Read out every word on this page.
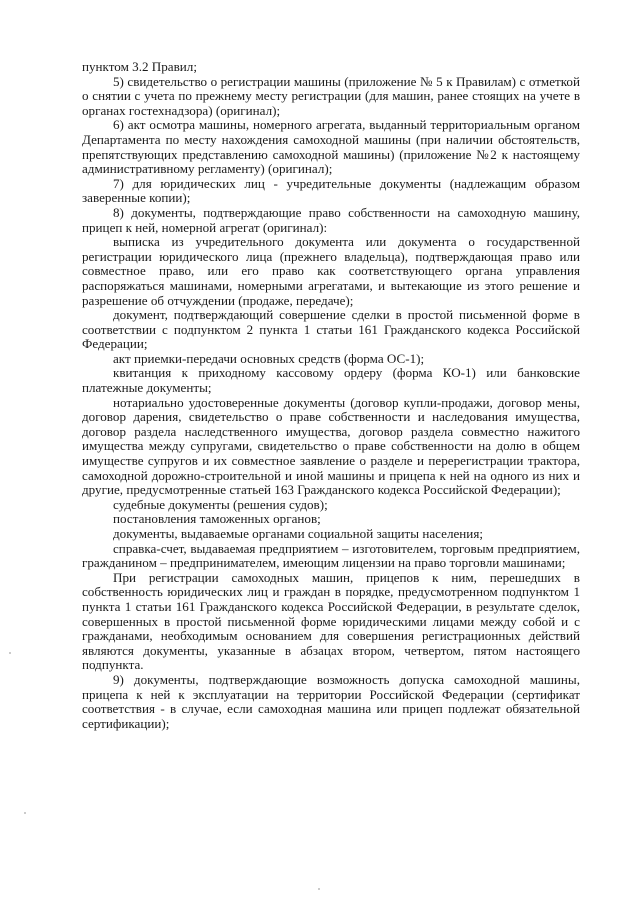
пунктом 3.2 Правил;

5) свидетельство о регистрации машины (приложение № 5 к Правилам) с отметкой о снятии с учета по прежнему месту регистрации (для машин, ранее стоящих на учете в органах гостехнадзора) (оригинал);

6) акт осмотра машины, номерного агрегата, выданный территориальным органом Департамента по месту нахождения самоходной машины (при наличии обстоятельств, препятствующих представлению самоходной машины) (приложение №2 к настоящему административному регламенту) (оригинал);

7) для юридических лиц - учредительные документы (надлежащим образом заверенные копии);

8) документы, подтверждающие право собственности на самоходную машину, прицеп к ней, номерной агрегат (оригинал):

выписка из учредительного документа или документа о государственной регистрации юридического лица (прежнего владельца), подтверждающая право или совместное право, или его право как соответствующего органа управления распоряжаться машинами, номерными агрегатами, и вытекающие из этого решение и разрешение об отчуждении (продаже, передаче);

документ, подтверждающий совершение сделки в простой письменной форме в соответствии с подпунктом 2 пункта 1 статьи 161 Гражданского кодекса Российской Федерации;

акт приемки-передачи основных средств (форма ОС-1);

квитанция к приходному кассовому ордеру (форма КО-1) или банковские платежные документы;

нотариально удостоверенные документы (договор купли-продажи, договор мены, договор дарения, свидетельство о праве собственности и наследования имущества, договор раздела наследственного имущества, договор раздела совместно нажитого имущества между супругами, свидетельство о праве собственности на долю в общем имуществе супругов и их совместное заявление о разделе и перерегистрации трактора, самоходной дорожно-строительной и иной машины и прицепа к ней на одного из них и другие, предусмотренные статьей 163 Гражданского кодекса Российской Федерации);

судебные документы (решения судов);

постановления таможенных органов;

документы, выдаваемые органами социальной защиты населения;

справка-счет, выдаваемая предприятием – изготовителем, торговым предприятием, гражданином – предпринимателем, имеющим лицензии на право торговли машинами;

При регистрации самоходных машин, прицепов к ним, перешедших в собственность юридических лиц и граждан в порядке, предусмотренном подпунктом 1 пункта 1 статьи 161 Гражданского кодекса Российской Федерации, в результате сделок, совершенных в простой письменной форме юридическими лицами между собой и с гражданами, необходимым основанием для совершения регистрационных действий являются документы, указанные в абзацах втором, четвертом, пятом настоящего подпункта.

9) документы, подтверждающие возможность допуска самоходной машины, прицепа к ней к эксплуатации на территории Российской Федерации (сертификат соответствия - в случае, если самоходная машина или прицеп подлежат обязательной сертификации);
